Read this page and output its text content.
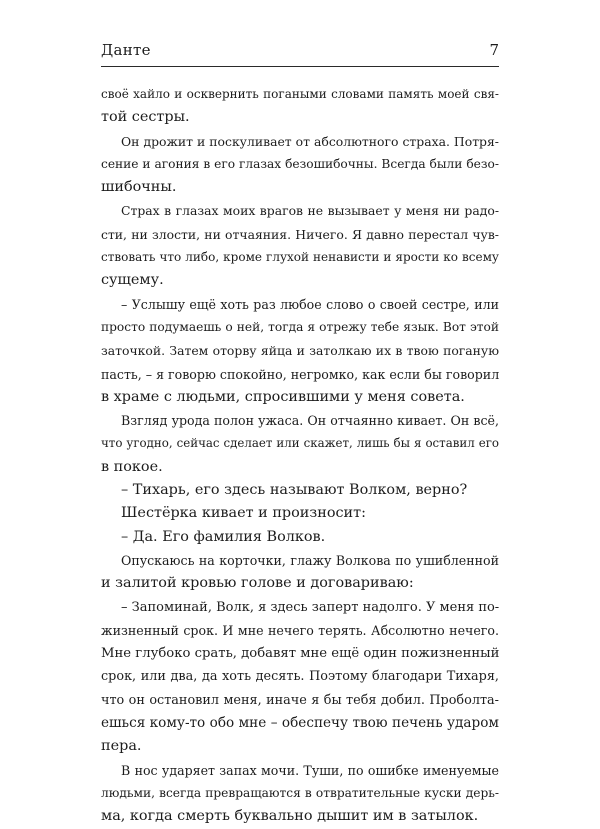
Данте	7
своё хайло и осквернить погаными словами память моей свя-
той сестры.
Он дрожит и поскуливает от абсолютного страха. Потря-
сение и агония в его глазах безошибочны. Всегда были безо-
шибочны.
Страх в глазах моих врагов не вызывает у меня ни радо-
сти, ни злости, ни отчаяния. Ничего. Я давно перестал чув-
ствовать что либо, кроме глухой ненависти и ярости ко всему
сущему.
– Услышу ещё хоть раз любое слово о своей сестре, или
просто подумаешь о ней, тогда я отрежу тебе язык. Вот этой
заточкой. Затем оторву яйца и затолкаю их в твою поганую
пасть, – я говорю спокойно, негромко, как если бы говорил
в храме с людьми, спросившими у меня совета.
Взгляд урода полон ужаса. Он отчаянно кивает. Он всё,
что угодно, сейчас сделает или скажет, лишь бы я оставил его
в покое.
– Тихарь, его здесь называют Волком, верно?
Шестёрка кивает и произносит:
– Да. Его фамилия Волков.
Опускаюсь на корточки, глажу Волкова по ушибленной
и залитой кровью голове и договариваю:
– Запоминай, Волк, я здесь заперт надолго. У меня по-
жизненный срок. И мне нечего терять. Абсолютно нечего.
Мне глубоко срать, добавят мне ещё один пожизненный
срок, или два, да хоть десять. Поэтому благодари Тихаря,
что он остановил меня, иначе я бы тебя добил. Проболта-
ешься кому-то обо мне – обеспечу твою печень ударом
пера.
В нос ударяет запах мочи. Туши, по ошибке именуемые
людьми, всегда превращаются в отвратительные куски дерь-
ма, когда смерть буквально дышит им в затылок.
